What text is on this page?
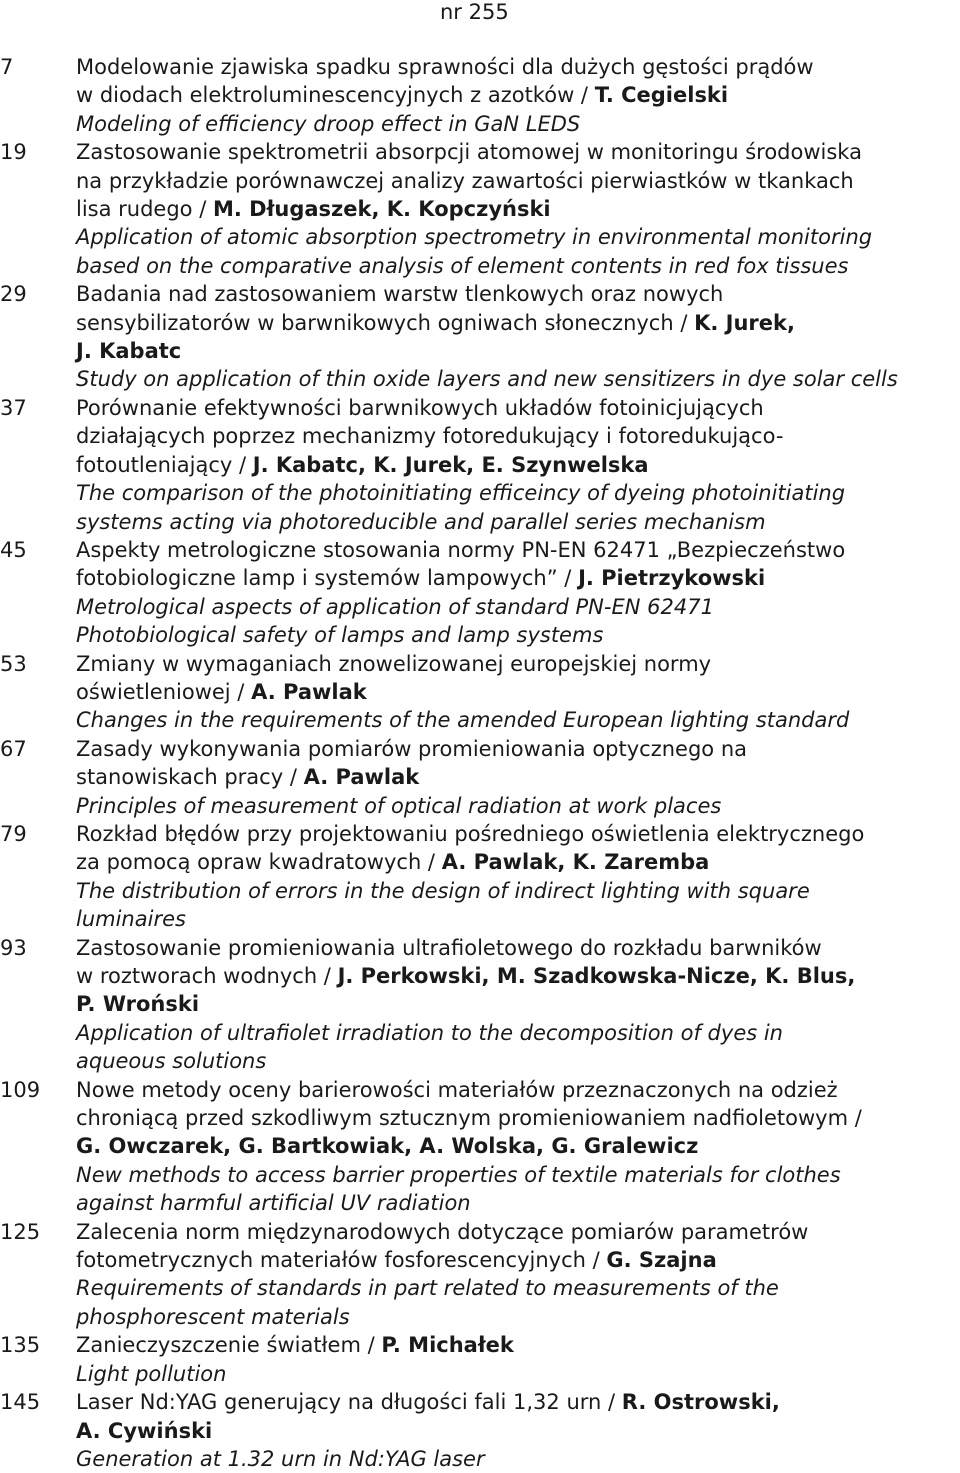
nr 255
7	Modelowanie zjawiska spadku sprawności dla dużych gęstości prądów

w diodach elektroluminescencyjnych z azotków / T. Cegielski

Modeling of efficiency droop effect in GaN LEDS

19	Zastosowanie spektrometrii absorpcji atomowej w monitoringu środowiska

na przykładzie porównawczej analizy zawartości pierwiastków w tkankach

lisa rudego / M. Długaszek, K. Kopczyński

Application of atomic absorption spectrometry in environmental monitoring

based on the comparative analysis of element contents in red fox tissues

29	Badania nad zastosowaniem warstw tlenkowych oraz nowych

sensybilizatorów w barwnikowych ogniwach słonecznych / K. Jurek,

J. Kabatc

Study on application of thin oxide layers and new sensitizers in dye solar cells

37	Porównanie efektywności barwnikowych układów fotoinicjujących

działających poprzez mechanizmy fotoredukujący i fotoredukująco-

fotoutleniający / J. Kabatc, K. Jurek, E. Szynwelska

The comparison of the photoinitiating efficeincy of dyeing photoinitiating

systems acting via photoreducible and parallel series mechanism

45	Aspekty metrologiczne stosowania normy PN-EN 62471 „Bezpieczeństwo

fotobiologiczne lamp i systemów lampowych” / J. Pietrzykowski

Metrological aspects of application of standard PN-EN 62471

Photobiological safety of lamps and lamp systems

53	Zmiany w wymaganiach znowelizowanej europejskiej normy

oświetleniowej / A. Pawlak

Changes in the requirements of the amended European lighting standard

67	Zasady wykonywania pomiarów promieniowania optycznego na

stanowiskach pracy / A. Pawlak

Principles of measurement of optical radiation at work places

79	Rozkład błędów przy projektowaniu pośredniego oświetlenia elektrycznego

za pomocą opraw kwadratowych / A. Pawlak, K. Zaremba

The distribution of errors in the design of indirect lighting with square

luminaires

93	Zastosowanie promieniowania ultrafioletowego do rozkładu barwników

w roztworach wodnych / J. Perkowski, M. Szadkowska-Nicze, K. Blus,

P. Wroński

Application of ultrafiolet irradiation to the decomposition of dyes in

aqueous solutions

109	Nowe metody oceny barierowości materiałów przeznaczonych na odzież

chroniącą przed szkodliwym sztucznym promieniowaniem nadfioletowym /

G. Owczarek, G. Bartkowiak, A. Wolska, G. Gralewicz

New methods to access barrier properties of textile materials for clothes

against harmful artificial UV radiation

125	Zalecenia norm międzynarodowych dotyczące pomiarów parametrów

fotometrycznych materiałów fosforescencyjnych / G. Szajna

Requirements of standards in part related to measurements of the

phosphorescent materials

135	Zanieczyszczenie światłem / P. Michałek

Light pollution

145	Laser Nd:YAG generujący na długości fali 1,32 urn / R. Ostrowski,

A. Cywiński

Generation at 1.32 urn in Nd:YAG laser
